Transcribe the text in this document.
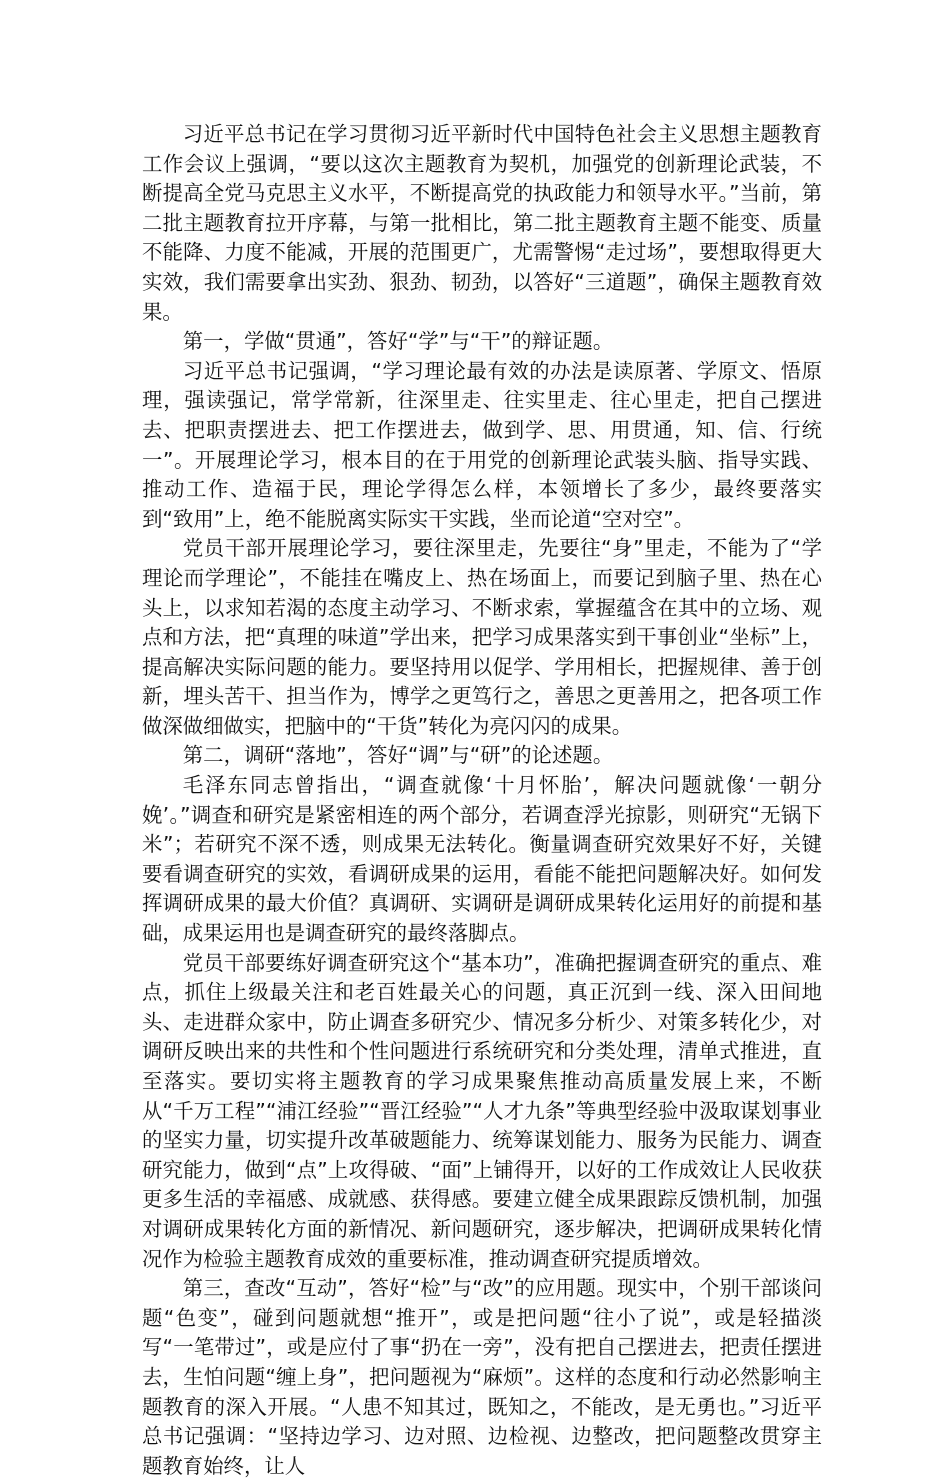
习近平总书记在学习贯彻习近平新时代中国特色社会主义思想主题教育工作会议上强调，“要以这次主题教育为契机，加强党的创新理论武装，不断提高全党马克思主义水平，不断提高党的执政能力和领导水平。”当前，第二批主题教育拉开序幕，与第一批相比，第二批主题教育主题不能变、质量不能降、力度不能减，开展的范围更广，尤需警惕“走过场”，要想取得更大实效，我们需要拿出实劲、狠劲、韧劲，以答好“三道题”，确保主题教育效果。

第一，学做“贯通”，答好“学”与“干”的辩证题。

习近平总书记强调，“学习理论最有效的办法是读原著、学原文、悟原理，强读强记，常学常新，往深里走、往实里走、往心里走，把自己摆进去、把职责摆进去、把工作摆进去，做到学、思、用贯通，知、信、行统一”。开展理论学习，根本目的在于用党的创新理论武装头脑、指导实践、推动工作、造福于民，理论学得怎么样，本领增长了多少，最终要落实到“致用”上，绝不能脱离实际实干实践，坐而论道“空对空”。

党员干部开展理论学习，要往深里走，先要往“身”里走，不能为了“学理论而学理论”，不能挂在嘴皮上、热在场面上，而要记到脑子里、热在心头上，以求知若渴的态度主动学习、不断求索，掌握蕴含在其中的立场、观点和方法，把“真理的味道”学出来，把学习成果落实到干事创业“坐标”上，提高解决实际问题的能力。要坚持用以促学、学用相长，把握规律、善于创新，埋头苦干、担当作为，博学之更笃行之，善思之更善用之，把各项工作做深做细做实，把脑中的“干货”转化为亮闪闪的成果。

第二，调研“落地”，答好“调”与“研”的论述题。

毛泽东同志曾指出，“调查就像‘十月怀胎’，解决问题就像‘一朝分娩’。”调查和研究是紧密相连的两个部分，若调查浮光掠影，则研究“无锅下米”；若研究不深不透，则成果无法转化。衡量调查研究效果好不好，关键要看调查研究的实效，看调研成果的运用，看能不能把问题解决好。如何发挥调研成果的最大价值？真调研、实调研是调研成果转化运用好的前提和基础，成果运用也是调查研究的最终落脚点。

党员干部要练好调查研究这个“基本功”，准确把握调查研究的重点、难点，抓住上级最关注和老百姓最关心的问题，真正沉到一线、深入田间地头、走进群众家中，防止调查多研究少、情况多分析少、对策多转化少，对调研反映出来的共性和个性问题进行系统研究和分类处理，清单式推进，直至落实。要切实将主题教育的学习成果聚焦推动高质量发展上来，不断从“千万工程”“浦江经验”“晋江经验”“人才九条”等典型经验中汲取谋划事业的坚实力量，切实提升改革破题能力、统筹谋划能力、服务为民能力、调查研究能力，做到“点”上攻得破、“面”上铺得开，以好的工作成效让人民收获更多生活的幸福感、成就感、获得感。要建立健全成果跟踪反馈机制，加强对调研成果转化方面的新情况、新问题研究，逐步解决，把调研成果转化情况作为检验主题教育成效的重要标准，推动调查研究提质增效。

第三，查改“互动”，答好“检”与“改”的应用题。现实中，个别干部谈问题“色变”，碰到问题就想“推开”，或是把问题“往小了说”，或是轻描淡写“一笔带过”，或是应付了事“扔在一旁”，没有把自己摆进去，把责任摆进去，生怕问题“缠上身”，把问题视为“麻烦”。这样的态度和行动必然影响主题教育的深入开展。“人患不知其过，既知之，不能改，是无勇也。”习近平总书记强调：“坚持边学习、边对照、边检视、边整改，把问题整改贯穿主题教育始终，让人
